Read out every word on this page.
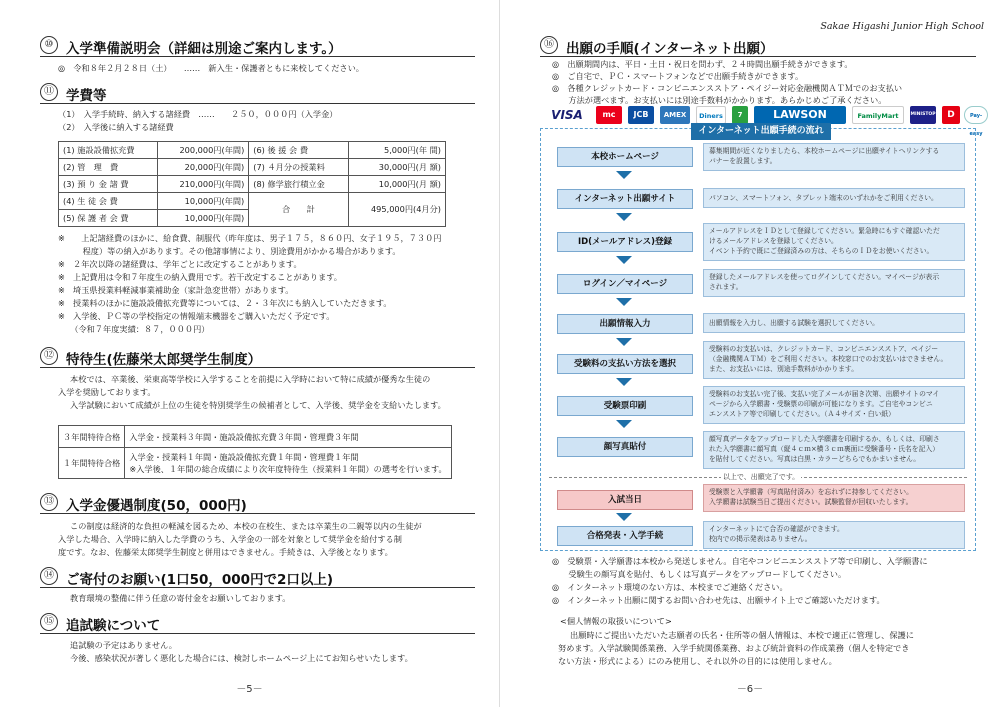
⑩ 入学準備説明会（詳細は別途ご案内します。）
◎　令和８年２月２８日（土）　　……　新入生・保護者ともに来校してください。
⑪ 学費等
（1）　入学手続時、納入する諸経費　……　　２５０，０００円（入学金）
（2）　入学後に納入する諸経費
(1) 施設設備拡充費	200,000円(年間)	(6) 後 援 会 費	5,000円(年 間)
(2) 管　理　費	20,000円(年間)	(7) ４月分の授業料	30,000円(月 額)
(3) 預 り 金 諸 費	210,000円(年間)	(8) 修学旅行積立金	10,000円(月 額)
(4) 生 徒 会 費	10,000円(年間)	合　　計	495,000円(4月分)
(5) 保 護 者 会 費	10,000円(年間)		
※　　上記諸経費のほかに、給食費、制服代（昨年度は、男子１７５，８６０円、女子１９５，７３０円
　　　程度）等の納入があります。その他諸事情により、別途費用がかかる場合があります。
※　２年次以降の諸経費は、学年ごとに改定することがあります。
※　上記費用は令和７年度生の納入費用です。若干改定することがあります。
※　埼玉県授業料軽減事業補助金（家計急変世帯）があります。
※　授業料のほかに施設設備拡充費等については、２・３年次にも納入していただきます。
※　入学後、ＰＣ等の学校指定の情報端末機器をご購入いただく予定です。
　　（令和７年度実績：８７，０００円）
⑫ 特待生(佐藤栄太郎奨学生制度）
本校では、卒業後、栄東高等学校に入学することを前提に入学時において特に成績が優秀な生徒の
入学を奨励しております。
入学試験において成績が上位の生徒を特別奨学生の候補者として、入学後、奨学金を支給いたします。
３年間特待合格	入学金・授業料３年間・施設設備拡充費３年間・管理費３年間
１年間特待合格	入学金・授業料１年間・施設設備拡充費１年間・管理費１年間
※入学後、１年間の総合成績により次年度特待生（授業料１年間）の選考を行います。
⑬ 入学金優遇制度(50，000円)
この制度は経済的な負担の軽減を図るため、本校の在校生、または卒業生の二親等以内の生徒が
入学した場合、入学時に納入した学費のうち、入学金の一部を対象として奨学金を給付する制
度です。なお、佐藤栄太郎奨学生制度と併用はできません。手続きは、入学後となります。
⑭ ご寄付のお願い(1口50，000円で2口以上)
教育環境の整備に伴う任意の寄付金をお願いしております。
⑮ 追試験について
追試験の予定はありません。
今後、感染状況が著しく悪化した場合には、検討しホームページ上にてお知らせいたします。
－5－
Sakae Higashi Junior High School
⑯ 出願の手順(インターネット出願）
◎　出願期間内は、平日・土日・祝日を問わず、２４時間出願手続きができます。
◎　ご自宅で、ＰＣ・スマートフォンなどで出願手続きができます。
◎　各種クレジットカード・コンビニエンスストア・ペイジー対応金融機関ＡＴＭでのお支払い
　　方法が選べます。お支払いには別途手数料がかかります。あらかじめご了承ください。
VISA	mc	JCB	AMEX	Diners	7	LAWSON	FamilyMart	MINISTOP	D	Pay-easy
インターネット出願手続の流れ
本校ホームページ
募集期間が近くなりましたら、本校ホームページに出願サイトへリンクする
バナーを設置します。
インターネット出願サイト	パソコン、スマートフォン、タブレット端末のいずれかをご利用ください。
ID(メールアドレス)登録
メールアドレスをＩＤとして登録してください。緊急時にもすぐ確認いただ
けるメールアドレスを登録してください。
イベント予約で既にご登録済みの方は、そちらのＩＤをお使いください。
ログイン／マイページ
登録したメールアドレスを使ってログインしてください。マイページが表示
されます。
出願情報入力	出願情報を入力し、出願する試験を選択してください。
受験料の支払い方法を選択
受験料のお支払いは、クレジットカード、コンビニエンスストア、ペイジー
（金融機関ＡＴＭ）をご利用ください。本校窓口でのお支払いはできません。
また、お支払いには、別途手数料がかかります。
受験票印刷
受験料のお支払い完了後、支払い完了メールが届き次第、出願サイトのマイ
ページから入学願書・受験票の印刷が可能になります。ご自宅やコンビニ
エンスストア等で印刷してください。（Ａ４サイズ・白い紙）
顔写真貼付
顔写真データをアップロードした入学願書を印刷するか、もしくは、印刷さ
れた入学願書に顔写真（縦４ｃｍ×横３ｃｍ裏面に受験番号・氏名を記入）
を貼付してください。写真は白黒・カラーどちらでもかまいません。
以上で、出願完了です。
入試当日
受験票と入学願書（写真貼付済み）を忘れずに持参してください。
入学願書は試験当日ご提出ください。試験監督が回収いたします。
合格発表・入学手続
インターネットにて合否の確認ができます。
校内での掲示発表はありません。
◎　受験票・入学願書は本校から発送しません。自宅やコンビニエンスストア等で印刷し、入学願書に
　　受験生の顔写真を貼付、もしくは写真データをアップロードしてください。
◎　インターネット環境のない方は、本校までご連絡ください。
◎　インターネット出願に関するお問い合わせ先は、出願サイト上でご確認いただけます。
<個人情報の取扱いについて>
出願時にご提出いただいた志願者の氏名・住所等の個人情報は、本校で適正に管理し、保護に
努めます。入学試験関係業務、入学手続関係業務、および統計資料の作成業務（個人を特定でき
ない方法・形式による）にのみ使用し、それ以外の目的には使用しません。
－6－
